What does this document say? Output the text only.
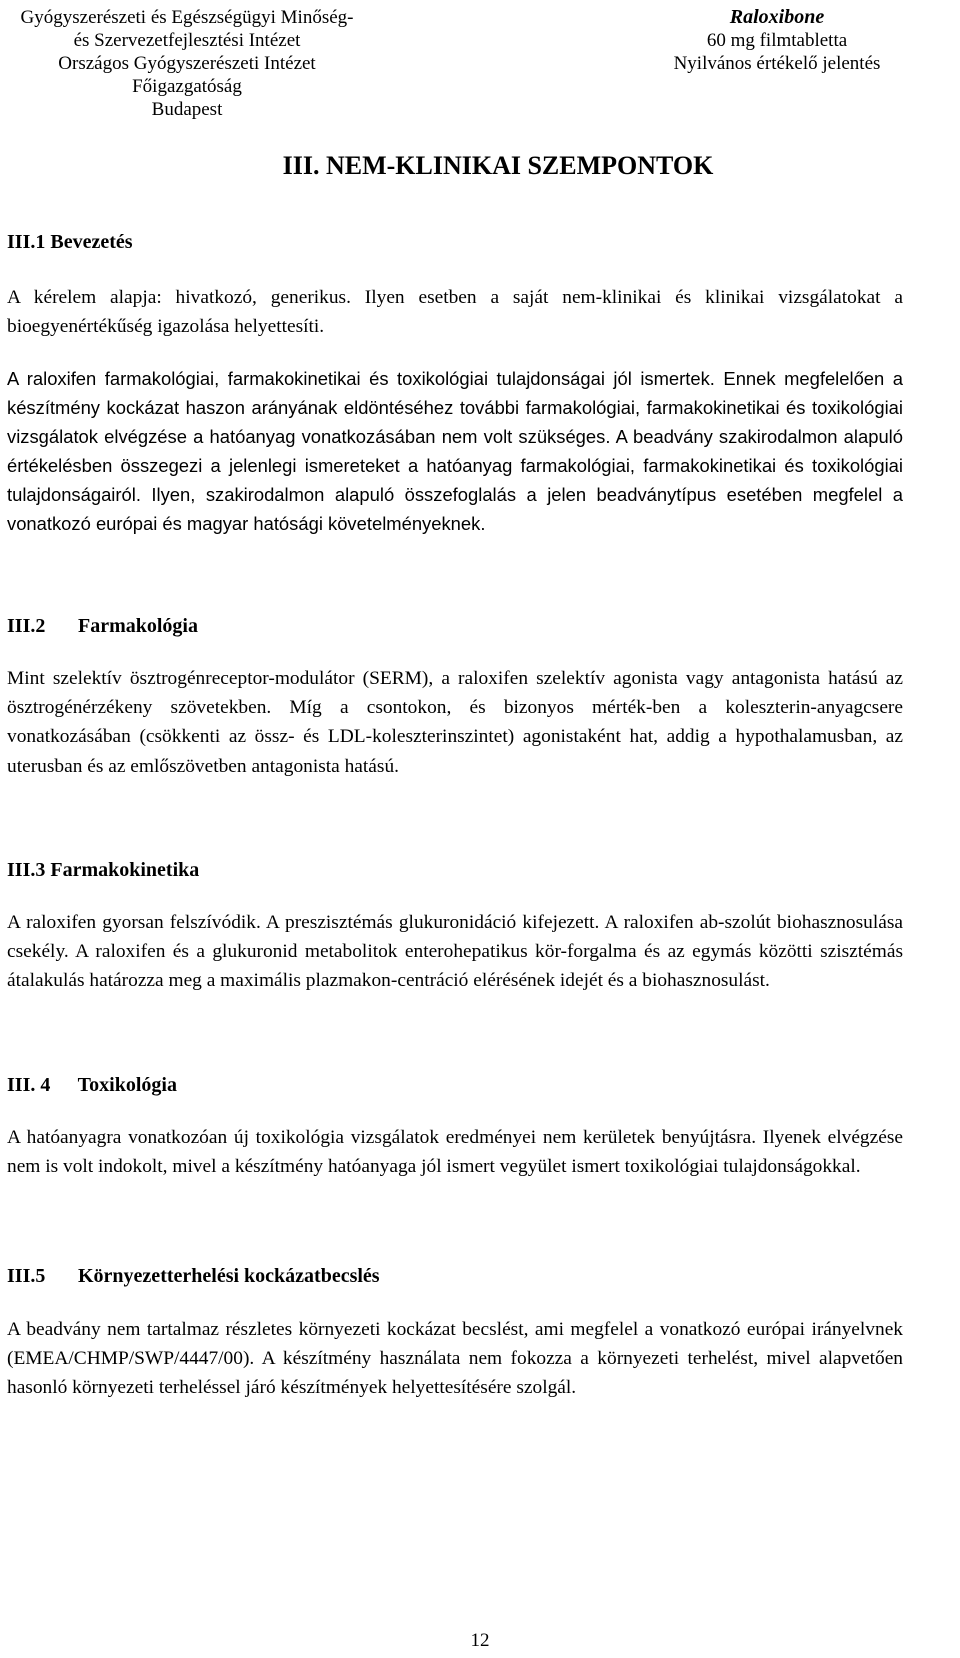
Gyógyszerészeti és Egészségügyi Minőség-
és Szervezetfejlesztési Intézet
Országos Gyógyszerészeti Intézet
Főigazgatóság
Budapest
Raloxibone
60 mg filmtabletta
Nyilvános értékelő jelentés
III. NEM-KLINIKAI SZEMPONTOK
III.1 Bevezetés
A kérelem alapja: hivatkozó, generikus. Ilyen esetben a saját nem-klinikai és klinikai vizsgálatokat a bioegyenértékűség igazolása helyettesíti.
A raloxifen farmakológiai, farmakokinetikai és toxikológiai tulajdonságai jól ismertek. Ennek megfelelően a készítmény kockázat haszon arányának eldöntéséhez további farmakológiai, farmakokinetikai és toxikológiai vizsgálatok elvégzése a hatóanyag vonatkozásában nem volt szükséges. A beadvány szakirodalmon alapuló értékelésben összegezi a jelenlegi ismereteket a hatóanyag farmakológiai, farmakokinetikai és toxikológiai tulajdonságairól. Ilyen, szakirodalmon alapuló összefoglalás a jelen beadványtípus esetében megfelel a vonatkozó európai és magyar hatósági követelményeknek.
III.2 Farmakológia
Mint szelektív ösztrogénreceptor-modulátor (SERM), a raloxifen szelektív agonista vagy antagonista hatású az ösztrogénérzékeny szövetekben. Míg a csontokon, és bizonyos mérték-ben a koleszterin-anyagcsere vonatkozásában (csökkenti az össz- és LDL-koleszterinszintet) agonistaként hat, addig a hypothalamusban, az uterusban és az emlőszövetben antagonista hatású.
III.3 Farmakokinetika
A raloxifen gyorsan felszívódik. A preszisztémás glukuronidáció kifejezett. A raloxifen ab-szolút biohasznosulása csekély. A raloxifen és a glukuronid metabolitok enterohepatikus kör-forgalma és az egymás közötti szisztémás átalakulás határozza meg a maximális plazmakon-centráció elérésének idejét és a biohasznosulást.
III. 4 Toxikológia
A hatóanyagra vonatkozóan új toxikológia vizsgálatok eredményei nem kerületek benyújtásra. Ilyenek elvégzése nem is volt indokolt, mivel a készítmény hatóanyaga jól ismert vegyület ismert toxikológiai tulajdonságokkal.
III.5 Környezetterhelési kockázatbecslés
A beadvány nem tartalmaz részletes környezeti kockázat becslést, ami megfelel a vonatkozó európai irányelvnek (EMEA/CHMP/SWP/4447/00). A készítmény használata nem fokozza a környezeti terhelést, mivel alapvetően hasonló környezeti terheléssel járó készítmények helyettesítésére szolgál.
12
